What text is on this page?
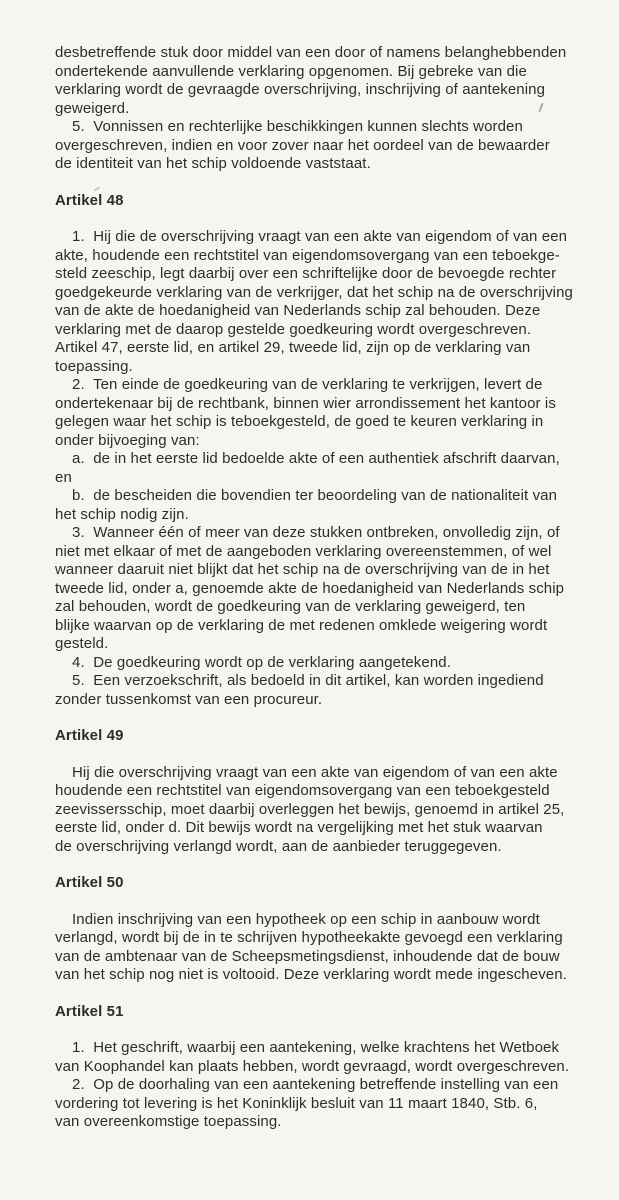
desbetreffende stuk door middel van een door of namens belanghebbenden
ondertekende aanvullende verklaring opgenomen. Bij gebreke van die
verklaring wordt de gevraagde overschrijving, inschrijving of aantekening
geweigerd.
5.  Vonnissen en rechterlijke beschikkingen kunnen slechts worden
overgeschreven, indien en voor zover naar het oordeel van de bewaarder
de identiteit van het schip voldoende vaststaat.
Artikel 48
1.  Hij die de overschrijving vraagt van een akte van eigendom of van een
akte, houdende een rechtstitel van eigendomsovergang van een teboekge-
steld zeeschip, legt daarbij over een schriftelijke door de bevoegde rechter
goedgekeurde verklaring van de verkrijger, dat het schip na de overschrijving
van de akte de hoedanigheid van Nederlands schip zal behouden. Deze
verklaring met de daarop gestelde goedkeuring wordt overgeschreven.
Artikel 47, eerste lid, en artikel 29, tweede lid, zijn op de verklaring van
toepassing.
2.  Ten einde de goedkeuring van de verklaring te verkrijgen, levert de
ondertekenaar bij de rechtbank, binnen wier arrondissement het kantoor is
gelegen waar het schip is teboekgesteld, de goed te keuren verklaring in
onder bijvoeging van:
a.  de in het eerste lid bedoelde akte of een authentiek afschrift daarvan,
en
b.  de bescheiden die bovendien ter beoordeling van de nationaliteit van
het schip nodig zijn.
3.  Wanneer één of meer van deze stukken ontbreken, onvolledig zijn, of
niet met elkaar of met de aangeboden verklaring overeenstemmen, of wel
wanneer daaruit niet blijkt dat het schip na de overschrijving van de in het
tweede lid, onder a, genoemde akte de hoedanigheid van Nederlands schip
zal behouden, wordt de goedkeuring van de verklaring geweigerd, ten
blijke waarvan op de verklaring de met redenen omklede weigering wordt
gesteld.
4.  De goedkeuring wordt op de verklaring aangetekend.
5.  Een verzoekschrift, als bedoeld in dit artikel, kan worden ingediend
zonder tussenkomst van een procureur.
Artikel 49
Hij die overschrijving vraagt van een akte van eigendom of van een akte
houdende een rechtstitel van eigendomsovergang van een teboekgesteld
zeevissersschip, moet daarbij overleggen het bewijs, genoemd in artikel 25,
eerste lid, onder d. Dit bewijs wordt na vergelijking met het stuk waarvan
de overschrijving verlangd wordt, aan de aanbieder teruggegeven.
Artikel 50
Indien inschrijving van een hypotheek op een schip in aanbouw wordt
verlangd, wordt bij de in te schrijven hypotheekakte gevoegd een verklaring
van de ambtenaar van de Scheepsmetingsdienst, inhoudende dat de bouw
van het schip nog niet is voltooid. Deze verklaring wordt mede ingescheven.
Artikel 51
1.  Het geschrift, waarbij een aantekening, welke krachtens het Wetboek
van Koophandel kan plaats hebben, wordt gevraagd, wordt overgeschreven.
2.  Op de doorhaling van een aantekening betreffende instelling van een
vordering tot levering is het Koninklijk besluit van 11 maart 1840, Stb. 6,
van overeenkomstige toepassing.
